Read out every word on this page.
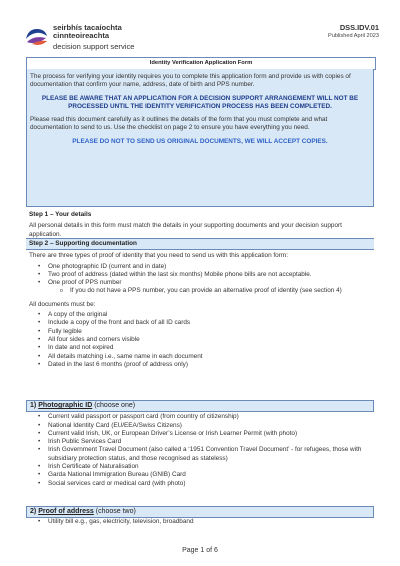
seirbhís tacaíochta
cinnteoireachta
decision support service
DSS.IDV.01
Published April 2023
Identity Verification Application Form

The process for verifying your identity requires you to complete this application form and provide us with copies of documentation that confirm your name, address, date of birth and PPS number.

PLEASE BE AWARE THAT AN APPLICATION FOR A DECISION SUPPORT ARRANGEMENT WILL NOT BE PROCESSED UNTIL THE IDENTITY VERIFICATION PROCESS HAS BEEN COMPLETED.

Please read this document carefully as it outlines the details of the form that you must complete and what documentation to send to us. Use the checklist on page 2 to ensure you have everything you need.

PLEASE DO NOT TO SEND US ORIGINAL DOCUMENTS, WE WILL ACCEPT COPIES.

Step 1 – Your details
All personal details in this form must match the details in your supporting documents and your decision support application.
Step 2 – Supporting documentation
There are three types of proof of identity that you need to send us with this application form:
• One photographic ID (current and in date)
• Two proof of address (dated within the last six months) Mobile phone bills are not acceptable.
• One proof of PPS number
o If you do not have a PPS number, you can provide an alternative proof of identity (see section 4)
All documents must be:
• A copy of the original
• Include a copy of the front and back of all ID cards
• Fully legible
• All four sides and corners visible
• In date and not expired
• All details matching i.e., same name in each document
• Dated in the last 6 months (proof of address only)
1) Photographic ID (choose one)
• Current valid passport or passport card (from country of citizenship)
• National Identity Card (EU/EEA/Swiss Citizens)
• Current valid Irish, UK, or European Driver’s License or Irish Learner Permit (with photo)
• Irish Public Services Card
• Irish Government Travel Document (also called a ‘1951 Convention Travel Document’ - for refugees, those with subsidiary protection status, and those recognised as stateless)
• Irish Certificate of Naturalisation
• Garda National Immigration Bureau (GNIB) Card
• Social services card or medical card (with photo)
2) Proof of address (choose two)
• Utility bill e.g., gas, electricity, television, broadband
Page 1 of 6
